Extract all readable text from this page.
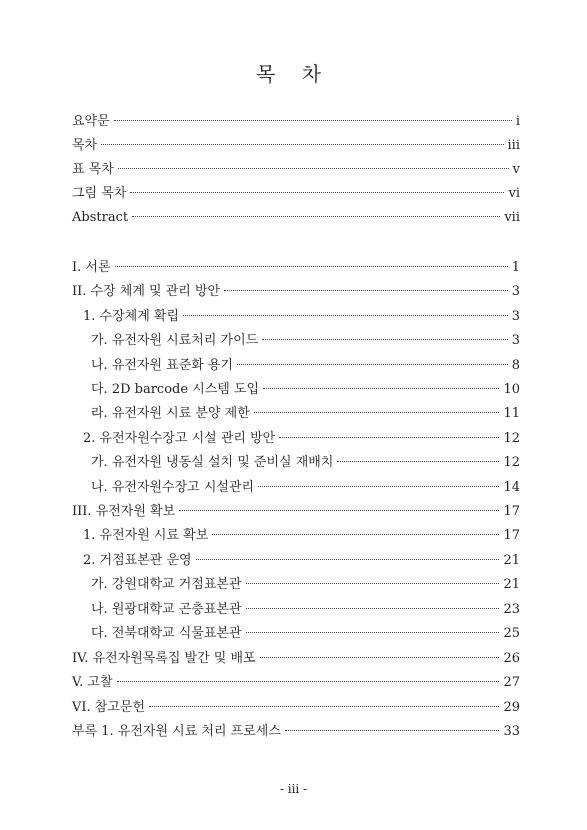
목 차
요약문	i
목차	iii
표 목차	v
그림 목차	vi
Abstract	vii
I. 서론	1
II. 수장 체계 및 관리 방안	3
1. 수장체계 확립	3
가. 유전자원 시료처리 가이드	3
나. 유전자원 표준화 용기	8
다. 2D barcode 시스템 도입	10
라. 유전자원 시료 분양 제한	11
2. 유전자원수장고 시설 관리 방안	12
가. 유전자원 냉동실 설치 및 준비실 재배치	12
나. 유전자원수장고 시설관리	14
III. 유전자원 확보	17
1. 유전자원 시료 확보	17
2. 거점표본관 운영	21
가. 강원대학교 거점표본관	21
나. 원광대학교 곤충표본관	23
다. 전북대학교 식물표본관	25
IV. 유전자원목록집 발간 및 배포	26
V. 고찰	27
VI. 참고문헌	29
부록 1. 유전자원 시료 처리 프로세스	33
- iii -
